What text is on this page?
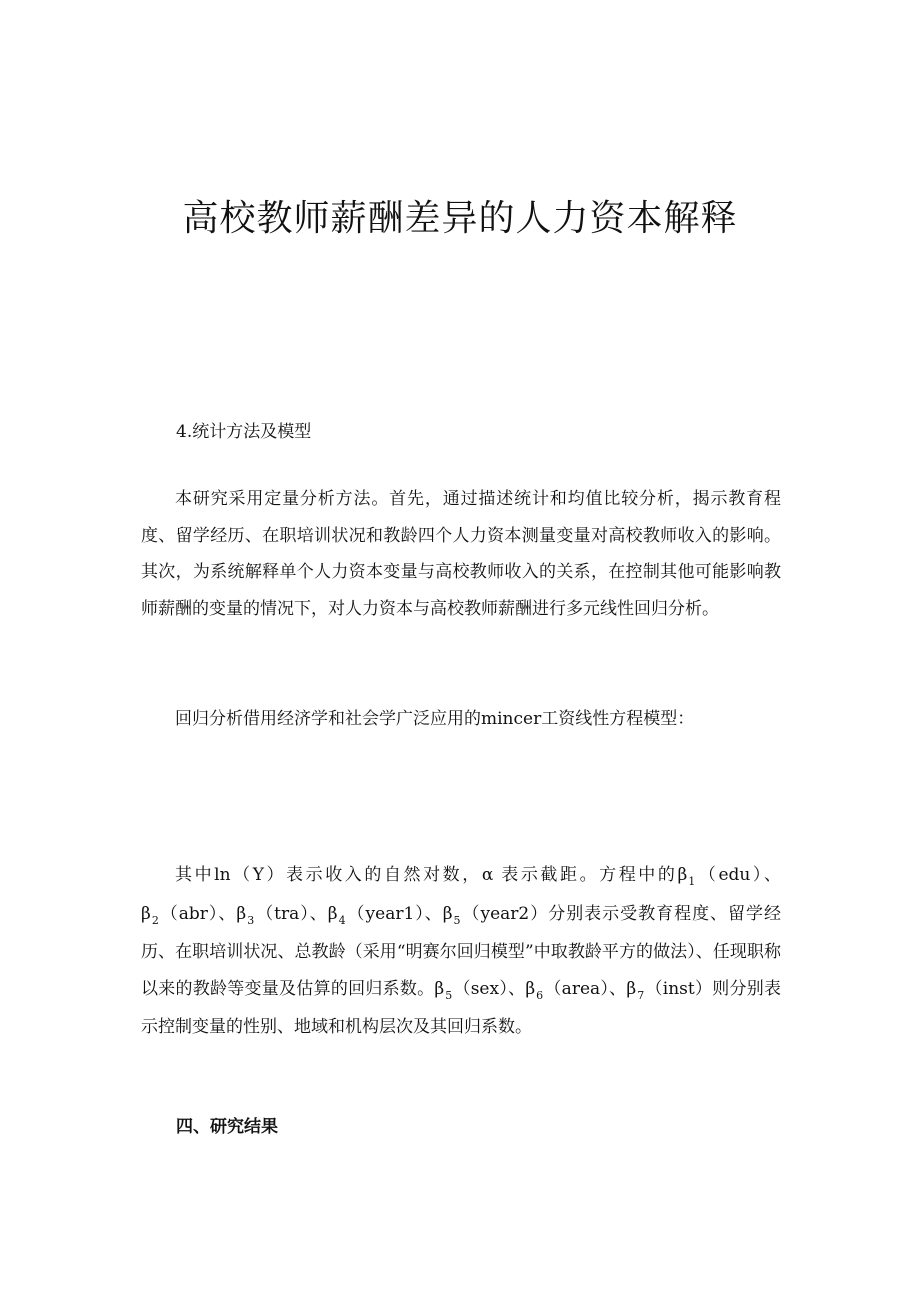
高校教师薪酬差异的人力资本解释
4.统计方法及模型

本研究采用定量分析方法。首先，通过描述统计和均值比较分析，揭示教育程度、留学经历、在职培训状况和教龄四个人力资本测量变量对高校教师收入的影响。其次，为系统解释单个人力资本变量与高校教师收入的关系，在控制其他可能影响教师薪酬的变量的情况下，对人力资本与高校教师薪酬进行多元线性回归分析。

回归分析借用经济学和社会学广泛应用的mincer工资线性方程模型：

其中ln（Y）表示收入的自然对数，α 表示截距。方程中的$\beta_1(edu)$、$\beta_2(abr)$、$\beta_3(tra)$、$\beta_4(year1)$、$\beta_5(year2)$分别表示受教育程度、留学经历、在职培训状况、总教龄（采用“明赛尔回归模型”中取教龄平方的做法）、任现职称以来的教龄等变量及估算的回归系数。$\beta_5(sex)$、$\beta_6(area)$、$\beta_7(inst)$则分别表示控制变量的性别、地域和机构层次及其回归系数。

四、研究结果
